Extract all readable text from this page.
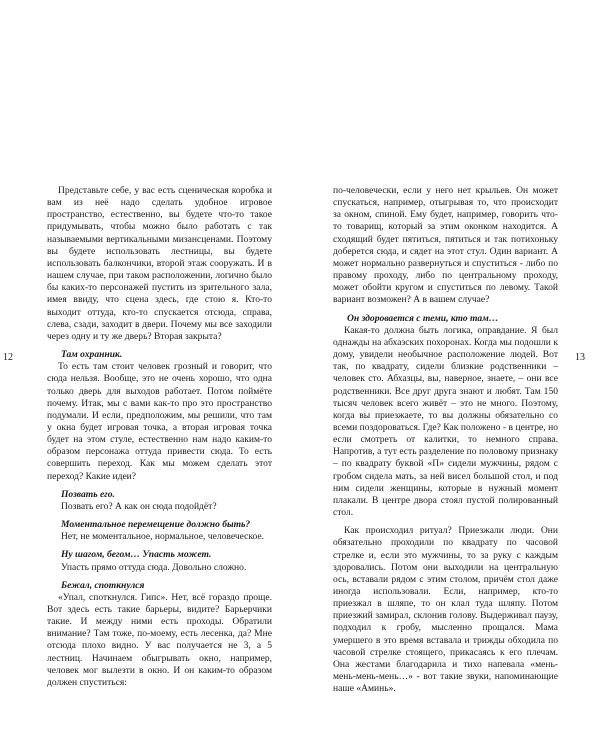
12	13

Представьте себе, у вас есть сценическая коробка и вам из неё надо сделать удобное игровое пространство, естественно, вы будете что-то такое придумывать, чтобы можно было работать с так называемыми вертикальными мизансценами. Поэтому вы будете использовать лестницы, вы будете использовать балкончики, второй этаж сооружать. И в нашем случае, при таком расположении, логично было бы каких-то персонажей пустить из зрительного зала, имея ввиду, что сцена здесь, где стою я. Кто-то выходит оттуда, кто-то спускается отсюда, справа, слева, сзади, заходит в двери. Почему мы все заходили через одну и ту же дверь? Вторая закрыта?

Там охранник.

То есть там стоит человек грозный и говорит, что сюда нельзя. Вообще, это не очень хорошо, что одна только дверь для выходов работает. Потом поймёте почему. Итак, мы с вами как-то про это пространство подумали. И если, предположим, мы решили, что там у окна будет игровая точка, а вторая игровая точка будет на этом стуле, естественно нам надо каким-то образом персонажа оттуда привести сюда. То есть совершить переход. Как мы можем сделать этот переход? Какие идеи?

Позвать его.

Позвать его? А как он сюда подойдёт?

Моментальное перемещение должно быть?

Нет, не моментальное, нормальное, человеческое.

Ну шагом, бегом… Упасть может.

Упасть прямо оттуда сюда. Довольно сложно.

Бежал, споткнулся

«Упал, споткнулся. Гипс». Нет, всё гораздо проще. Вот здесь есть такие барьеры, видите? Барьерчики такие. И между ними есть проходы. Обратили внимание? Там тоже, по-моему, есть лесенка, да? Мне отсюда плохо видно. У вас получается не 3, а 5 лестниц. Начинаем обыгрывать окно, например, человек мог вылезти в окно. И он каким-то образом должен спуститься:

по-человечески, если у него нет крыльев. Он может спускаться, например, отыгрывая то, что происходит за окном, спиной. Ему будет, например, говорить что-то товарищ, который за этим оконком находится. А сходящий будет пятиться, пятиться и так потихоньку доберется сюда, и сядет на этот стул. Один вариант. А может нормально развернуться и спуститься - либо по правому проходу, либо по центральному проходу, может обойти кругом и спуститься по левому. Такой вариант возможен? А в вашем случае?

Он здоровается с теми, кто там…

Какая-то должна быть логика, оправдание. Я был однажды на абхазских похоронах. Когда мы подошли к дому, увидели необычное расположение людей. Вот так, по квадрату, сидели близкие родственники – человек сто. Абхазцы, вы, наверное, знаете, – они все родственники. Все друг друга знают и любят. Там 150 тысяч человек всего живёт – это не много. Поэтому, когда вы приезжаете, то вы должны обязательно со всеми поздороваться. Где? Как положено - в центре, но если смотреть от калитки, то немного справа. Напротив, а тут есть разделение по половому признаку – по квадрату буквой «П» сидели мужчины, рядом с гробом сидела мать, за ней висел большой стол, и под ним сидели женщины, которые в нужный момент плакали. В центре двора стоял пустой полированный стол.

Как происходил ритуал? Приезжали люди. Они обязательно проходили по квадрату по часовой стрелке и, если это мужчины, то за руку с каждым здоровались. Потом они выходили на центральную ось, вставали рядом с этим столом, причём стол даже иногда использовали. Если, например, кто-то приезжал в шляпе, то он клал туда шляпу. Потом приезжий замирал, склонив голову. Выдерживал паузу, подходил к гробу, мысленно прощался. Мама умершего в это время вставала и трижды обходила по часовой стрелке стоящего, прикасаясь к его плечам. Она жестами благодарила и тихо напевала «мень-мень-мень-мень…» - вот такие звуки, напоминающие наше «Аминь».
